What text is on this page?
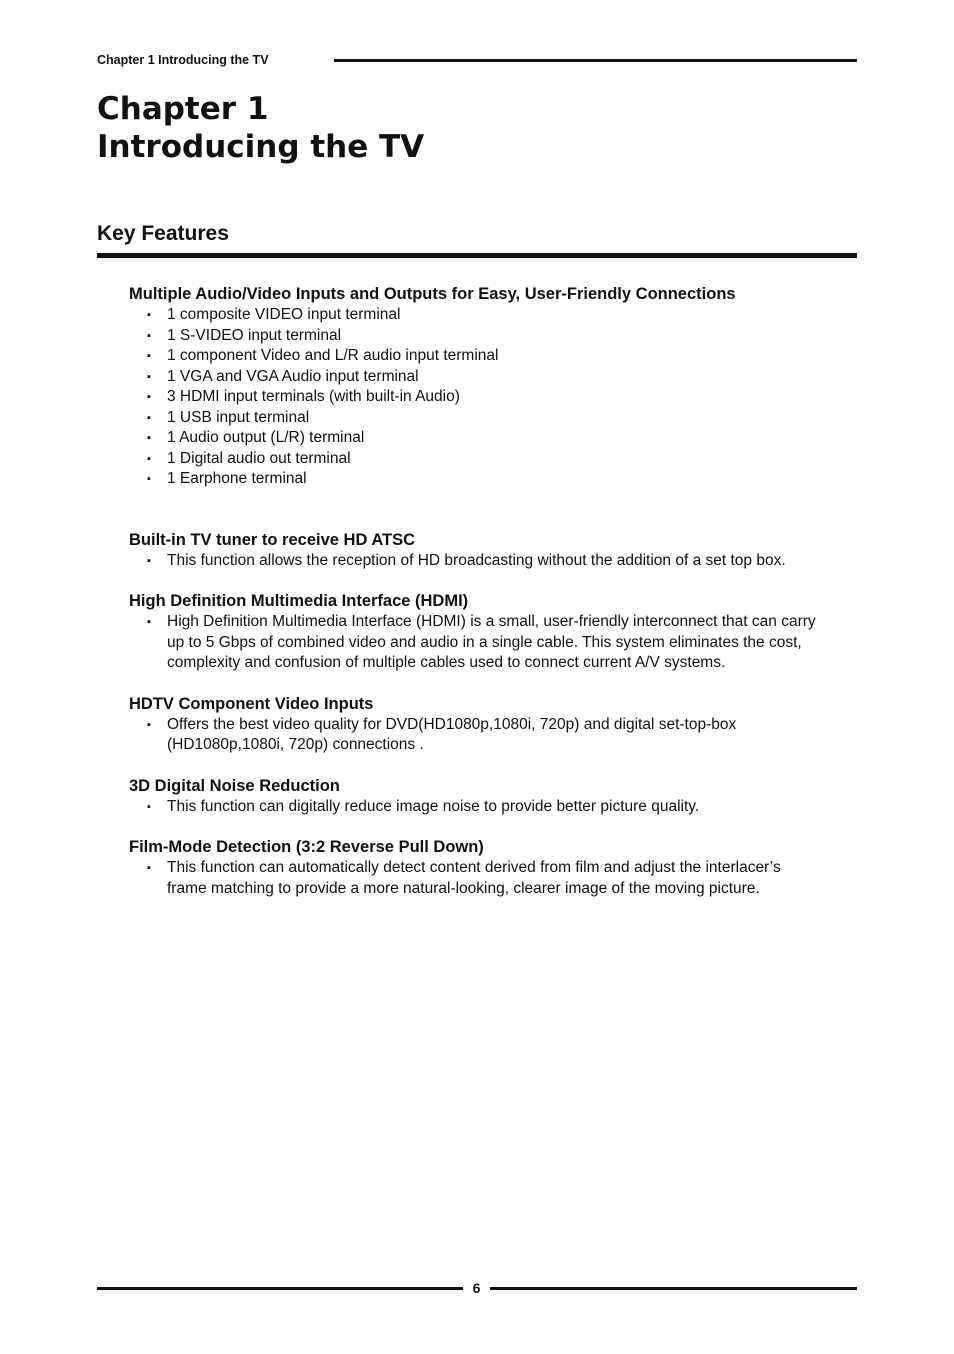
Chapter 1 Introducing the TV
Chapter 1
Introducing the TV
Key Features
Multiple Audio/Video Inputs and Outputs for Easy, User-Friendly Connections
▪ 1 composite VIDEO input terminal
▪ 1 S-VIDEO input terminal
▪ 1 component Video and L/R audio input terminal
▪ 1 VGA and VGA Audio input terminal
▪ 3 HDMI input terminals (with built-in Audio)
▪ 1 USB input terminal
▪ 1 Audio output (L/R) terminal
▪ 1 Digital audio out terminal
▪ 1 Earphone terminal
Built-in TV tuner to receive HD ATSC
▪ This function allows the reception of HD broadcasting without the addition of a set top box.
High Definition Multimedia Interface (HDMI)
▪ High Definition Multimedia Interface (HDMI) is a small, user-friendly interconnect that can carry up to 5 Gbps of combined video and audio in a single cable. This system eliminates the cost, complexity and confusion of multiple cables used to connect current A/V systems.
HDTV Component Video Inputs
▪ Offers the best video quality for DVD(HD1080p,1080i, 720p) and digital set-top-box (HD1080p,1080i, 720p) connections .
3D Digital Noise Reduction
▪ This function can digitally reduce image noise to provide better picture quality.
Film-Mode Detection (3:2 Reverse Pull Down)
▪ This function can automatically detect content derived from film and adjust the interlacer’s frame matching to provide a more natural-looking, clearer image of the moving picture.
6
